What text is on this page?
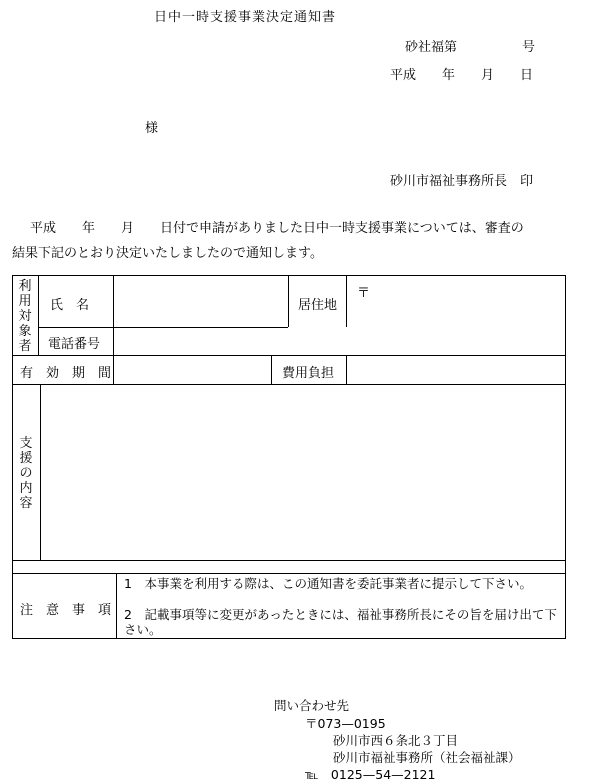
日中一時支援事業決定通知書
砂社福第　　　　　号
平成　　年　　月　　日
様
砂川市福祉事務所長　印
平成　　年　　月　　日付で申請がありました日中一時支援事業については、審査の
結果下記のとおり決定いたしましたので通知します。
利用対象者
氏　名	居住地
〒
電話番号
有　効　期　間	費用負担
支援の内容
注　意　事　項
1　本事業を利用する際は、この通知書を委託事業者に提示して下さい。
2　記載事項等に変更があったときには、福祉事務所長にその旨を届け出て下さい。
問い合わせ先
〒073—0195
砂川市西６条北３丁目
砂川市福祉事務所（社会福祉課）
℡　0125—54—2121
